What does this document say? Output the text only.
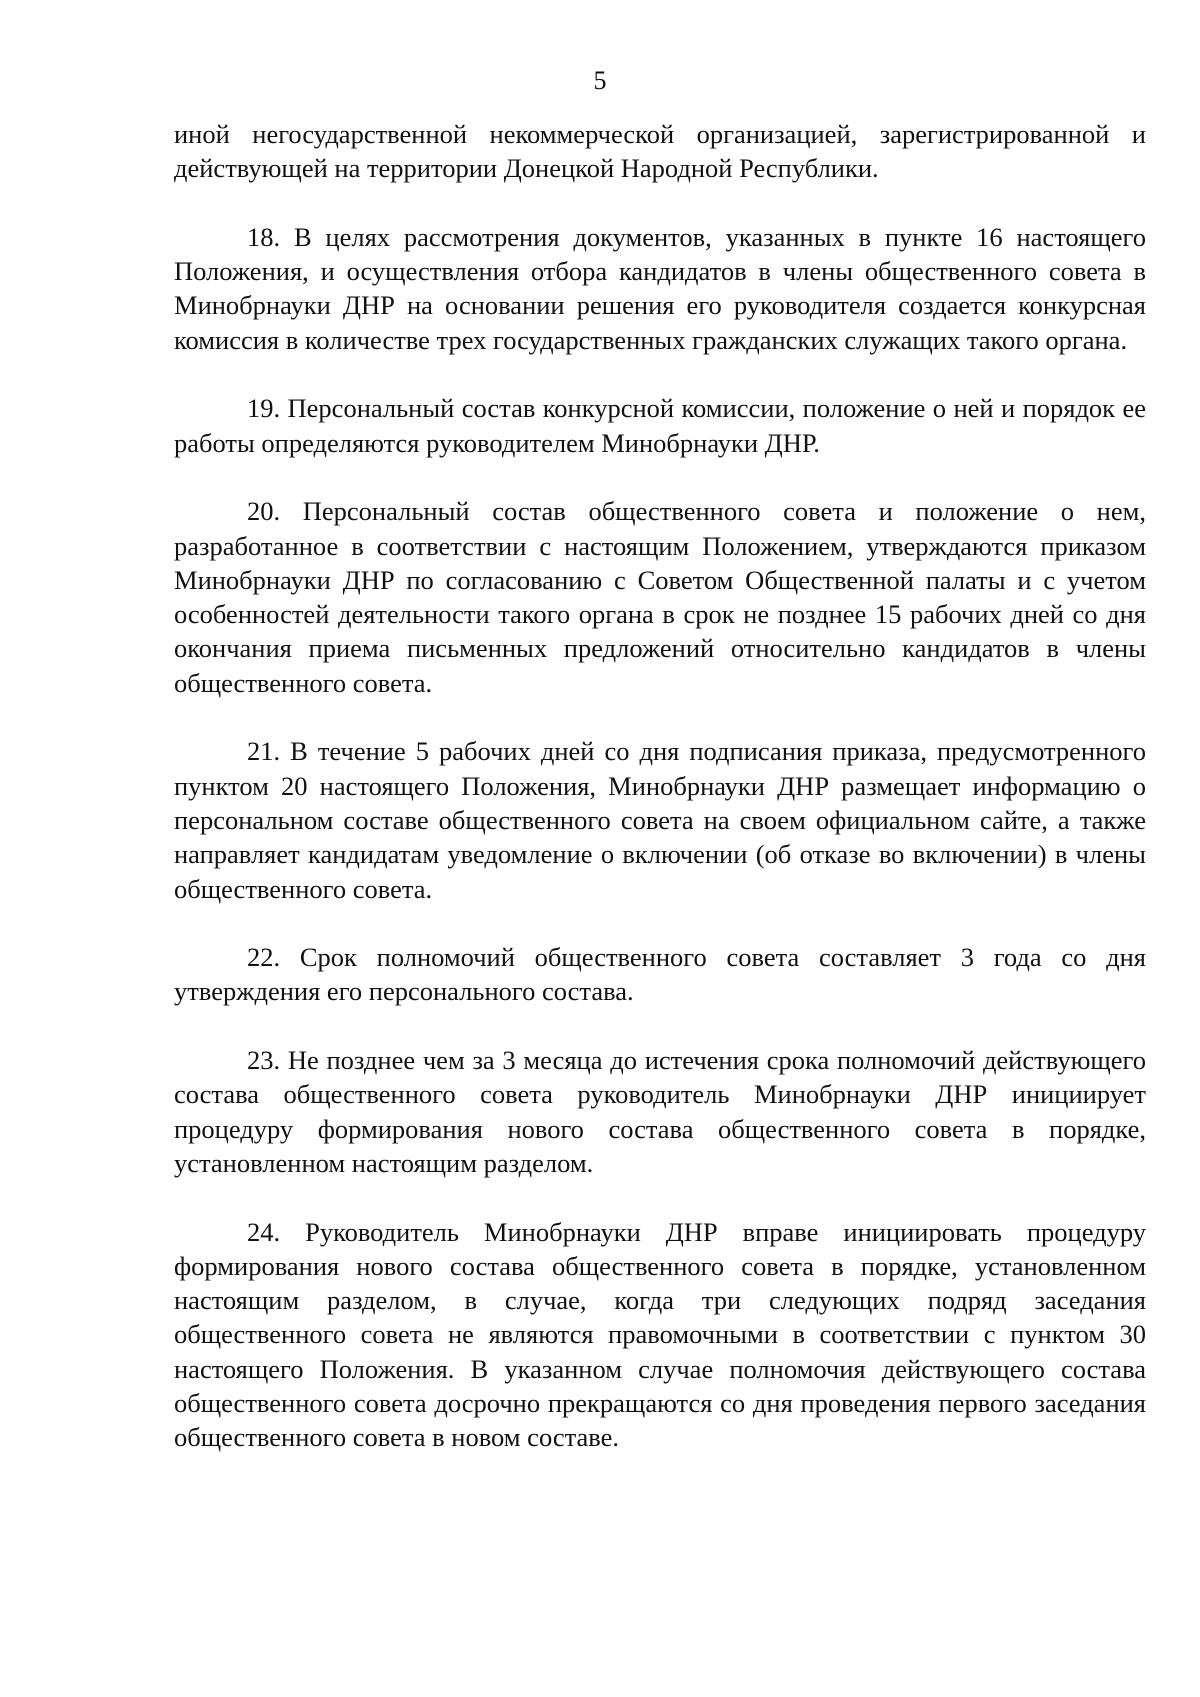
5

иной негосударственной некоммерческой организацией, зарегистрированной и действующей на территории Донецкой Народной Республики.

18. В целях рассмотрения документов, указанных в пункте 16 настоящего Положения, и осуществления отбора кандидатов в члены общественного совета в Минобрнауки ДНР на основании решения его руководителя создается конкурсная комиссия в количестве трех государственных гражданских служащих такого органа.

19. Персональный состав конкурсной комиссии, положение о ней и порядок ее работы определяются руководителем Минобрнауки ДНР.

20. Персональный состав общественного совета и положение о нем, разработанное в соответствии с настоящим Положением, утверждаются приказом Минобрнауки ДНР по согласованию с Советом Общественной палаты и с учетом особенностей деятельности такого органа в срок не позднее 15 рабочих дней со дня окончания приема письменных предложений относительно кандидатов в члены общественного совета.

21. В течение 5 рабочих дней со дня подписания приказа, предусмотренного пунктом 20 настоящего Положения, Минобрнауки ДНР размещает информацию о персональном составе общественного совета на своем официальном сайте, а также направляет кандидатам уведомление о включении (об отказе во включении) в члены общественного совета.

22. Срок полномочий общественного совета составляет 3 года со дня утверждения его персонального состава.

23. Не позднее чем за 3 месяца до истечения срока полномочий действующего состава общественного совета руководитель Минобрнауки ДНР инициирует процедуру формирования нового состава общественного совета в порядке, установленном настоящим разделом.

24. Руководитель Минобрнауки ДНР вправе инициировать процедуру формирования нового состава общественного совета в порядке, установленном настоящим разделом, в случае, когда три следующих подряд заседания общественного совета не являются правомочными в соответствии с пунктом 30 настоящего Положения. В указанном случае полномочия действующего состава общественного совета досрочно прекращаются со дня проведения первого заседания общественного совета в новом составе.
